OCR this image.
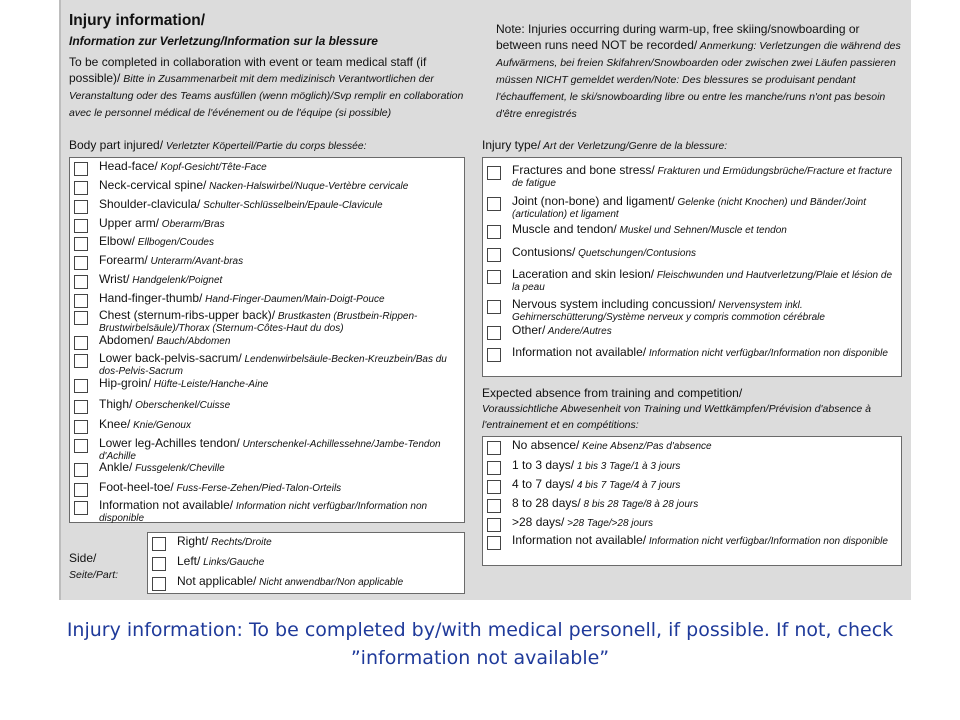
Injury information/
Information zur Verletzung/Information sur la blessure
To be completed in collaboration with event or team medical staff (if possible)/ Bitte in Zusammenarbeit mit dem medizinisch Verantwortlichen der Veranstaltung oder des Teams ausfüllen (wenn möglich)/Svp remplir en collaboration avec le personnel médical de l'événement ou de l'équipe (si possible)
Note: Injuries occurring during warm-up, free skiing/snowboarding or between runs need NOT be recorded/ Anmerkung: Verletzungen die während des Aufwärmens, bei freien Skifahren/Snowboarden oder zwischen zwei Läufen passieren müssen NICHT gemeldet werden/Note: Des blessures se produisant pendant l'échauffement, le ski/snowboarding libre ou entre les manche/runs n'ont pas besoin d'être enregistrés
Body part injured/ Verletzter Köperteil/Partie du corps blessée:
Head-face/ Kopf-Gesicht/Tête-Face
Neck-cervical spine/ Nacken-Halswirbel/Nuque-Vertèbre cervicale
Shoulder-clavicula/ Schulter-Schlüsselbein/Epaule-Clavicule
Upper arm/ Oberarm/Bras
Elbow/ Ellbogen/Coudes
Forearm/ Unterarm/Avant-bras
Wrist/ Handgelenk/Poignet
Hand-finger-thumb/ Hand-Finger-Daumen/Main-Doigt-Pouce
Chest (sternum-ribs-upper back)/ Brustkasten (Brustbein-Rippen-Brustwirbelsäule)/Thorax (Sternum-Côtes-Haut du dos)
Abdomen/ Bauch/Abdomen
Lower back-pelvis-sacrum/ Lendenwirbelsäule-Becken-Kreuzbein/Bas du dos-Pelvis-Sacrum
Hip-groin/ Hüfte-Leiste/Hanche-Aine
Thigh/ Oberschenkel/Cuisse
Knee/ Knie/Genoux
Lower leg-Achilles tendon/ Unterschenkel-Achillessehne/Jambe-Tendon d'Achille
Ankle/ Fussgelenk/Cheville
Foot-heel-toe/ Fuss-Ferse-Zehen/Pied-Talon-Orteils
Information not available/ Information nicht verfügbar/Information non disponible
Side/
Seite/Part:
Right/ Rechts/Droite
Left/ Links/Gauche
Not applicable/ Nicht anwendbar/Non applicable
Injury type/ Art der Verletzung/Genre de la blessure:
Fractures and bone stress/ Frakturen und Ermüdungsbrüche/Fracture et fracture de fatigue
Joint (non-bone) and ligament/ Gelenke (nicht Knochen) und Bänder/Joint (articulation) et ligament
Muscle and tendon/ Muskel und Sehnen/Muscle et tendon
Contusions/ Quetschungen/Contusions
Laceration and skin lesion/ Fleischwunden und Hautverletzung/Plaie et lésion de la peau
Nervous system including concussion/ Nervensystem inkl. Gehirnerschütterung/Système nerveux y compris commotion cérébrale
Other/ Andere/Autres
Information not available/ Information nicht verfügbar/Information non disponible
Expected absence from training and competition/
Voraussichtliche Abwesenheit von Training und Wettkämpfen/Prévision d'absence à l'entrainement et en compétitions:
No absence/ Keine Absenz/Pas d'absence
1 to 3 days/ 1 bis 3 Tage/1 à 3 jours
4 to 7 days/ 4 bis 7 Tage/4 à 7 jours
8 to 28 days/ 8 bis 28 Tage/8 à 28 jours
>28 days/ >28 Tage/>28 jours
Information not available/ Information nicht verfügbar/Information non disponible
Injury information: To be completed by/with medical personell, if possible. If not, check ”information not available”
